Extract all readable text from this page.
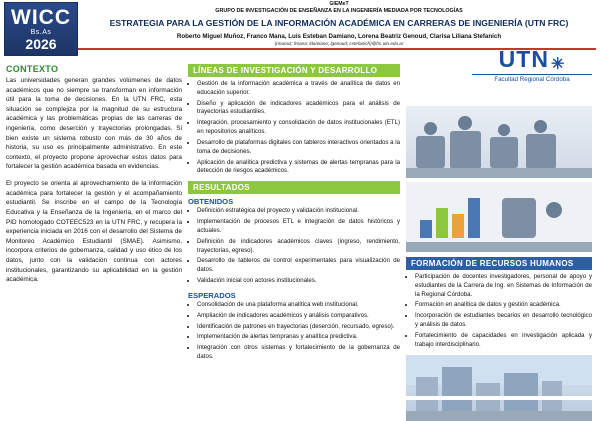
WICC
Bs.As
2026
GIEMeT
GRUPO DE INVESTIGACIÓN DE ENSEÑANZA EN LA INGENIERÍA MEDIADA POR TECNOLOGÍAS
ESTRATEGIA PARA LA GESTIÓN DE LA INFORMACIÓN ACADÉMICA EN CARRERAS DE INGENIERÍA (UTN FRC)
Roberto Miguel Muñoz, Franco Mana, Luis Esteban Damiano, Lorena Beatriz Genoud, Clarisa Liliana Stefanich
{rmunoz; fmana; ldamiano; lgenoud; cstefanich}@frc.utn.edu.ar
CONTEXTO

Las universidades generan grandes volúmenes de datos académicos que no siempre se transforman en información útil para la toma de decisiones. En la UTN FRC, esta situación se complejiza por la magnitud de su estructura académica y las problemáticas propias de las carreras de ingeniería, como deserción y trayectorias prolongadas. Si bien existe un sistema robusto con más de 30 años de historia, su uso es principalmente administrativo. En este contexto, el proyecto propone aprovechar estos datos para fortalecer la gestión académica basada en evidencias.

El proyecto se orienta al aprovechamiento de la información académica para fortalecer la gestión y el acompañamiento estudiantil. Se inscribe en el campo de la Tecnología Educativa y la Enseñanza de la Ingeniería, en el marco del PID homologado COTEEC523 en la UTN FRC, y recupera la experiencia iniciada en 2016 con el desarrollo del Sistema de Monitoreo Académico Estudiantil (SMAE). Asimismo, incorpora criterios de gobernanza, calidad y uso ético de los datos, junto con la validación continua con actores institucionales, garantizando su aplicabilidad en la gestión académica.

LÍNEAS DE INVESTIGACIÓN Y DESARROLLO
• Gestión de la información académica a través de analítica de datos en educación superior.
• Diseño y aplicación de indicadores académicos para el análisis de trayectorias estudiantiles.
• Integración, procesamiento y consolidación de datos institucionales (ETL) en repositorios analíticos.
• Desarrollo de plataformas digitales con tableros interactivos orientados a la toma de decisiones.
• Aplicación de analítica predictiva y sistemas de alertas tempranas para la detección de riesgos académicos.
RESULTADOS
OBTENIDOS
• Definición estratégica del proyecto y validación institucional.
• Implementación de procesos ETL e integración de datos históricos y actuales.
• Definición de indicadores académicos claves (ingreso, rendimiento, trayectorias, egreso).
• Desarrollo de tableros de control experimentales para visualización de datos.
• Validación inicial con actores institucionales.
ESPERADOS
• Consolidación de una plataforma analítica web institucional.
• Ampliación de indicadores académicos y análisis comparativos.
• Identificación de patrones en trayectorias (deserción, recursado, egreso).
• Implementación de alertas tempranas y analítica predictiva.
• Integración con otros sistemas y fortalecimiento de la gobernanza de datos.
FORMACIÓN DE RECURSOS HUMANOS
• Participación de docentes investigadores, personal de apoyo y estudiantes de la Carrera de Ing. en Sistemas de Información de la Regional Córdoba.
• Formación en analítica de datos y gestión académica.
• Incorporación de estudiantes becarios en desarrollo tecnológico y análisis de datos.
• Fortalecimiento de capacidades en investigación aplicada y trabajo interdisciplinario.
UTN ✳
Facultad Regional Córdoba
